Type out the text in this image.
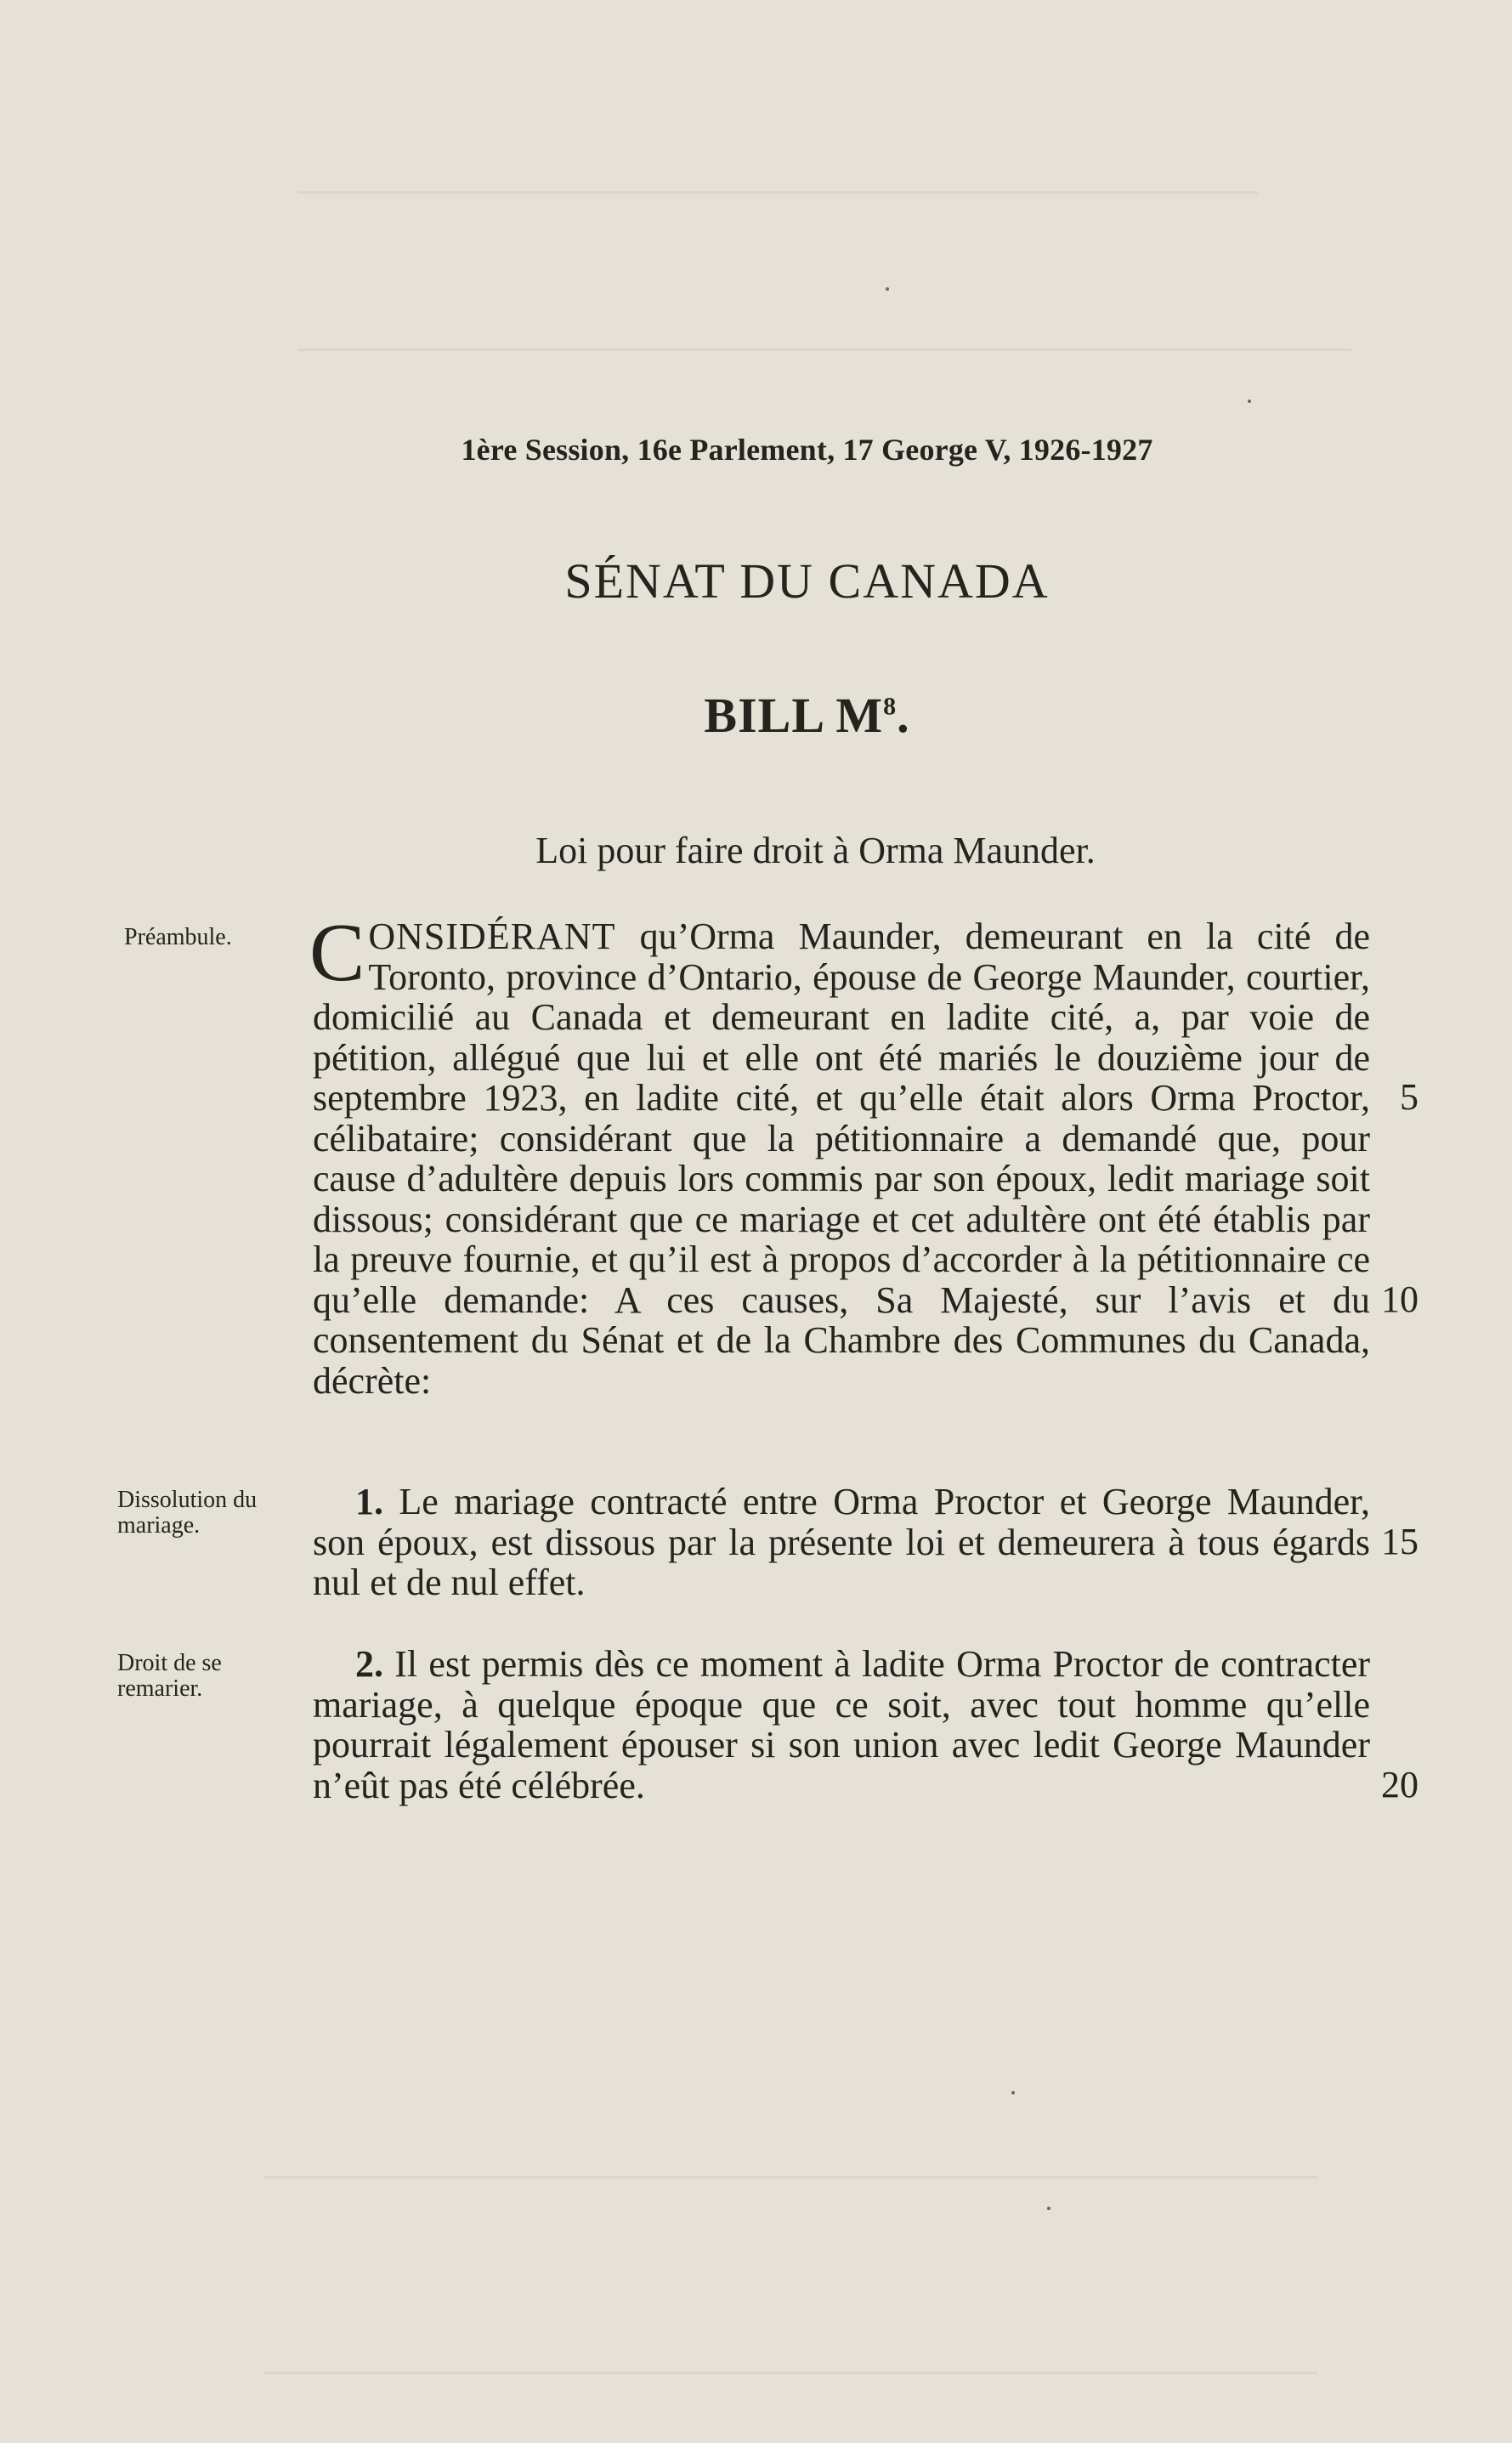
1ère Session, 16e Parlement, 17 George V, 1926-1927
SÉNAT DU CANADA
BILL $M^8$.
Loi pour faire droit à Orma Maunder.
Préambule. CONSIDÉRANT qu’Orma Maunder, demeurant en la cité de Toronto, province d’Ontario, épouse de George Maunder, courtier, domicilié au Canada et demeurant en ladite cité, a, par voie de pétition, allégué que lui et elle ont été mariés le douzième jour de septembre 1923, en ladite cité, et qu’elle était alors Orma Proctor, célibataire; considérant que la pétitionnaire a demandé que, pour cause d’adultère depuis lors commis par son époux, ledit mariage soit dissous; considérant que ce mariage et cet adultère ont été établis par la preuve fournie, et qu’il est à propos d’accorder à la pétitionnaire ce qu’elle demande: A ces causes, Sa Majesté, sur l’avis et du consentement du Sénat et de la Chambre des Communes du Canada, décrète:
5
10
Dissolution du mariage.
1. Le mariage contracté entre Orma Proctor et George Maunder, son époux, est dissous par la présente loi et demeurera à tous égards nul et de nul effet.
15
Droit de se remarier.
2. Il est permis dès ce moment à ladite Orma Proctor de contracter mariage, à quelque époque que ce soit, avec tout homme qu’elle pourrait légalement épouser si son union avec ledit George Maunder n’eût pas été célébrée.	20
